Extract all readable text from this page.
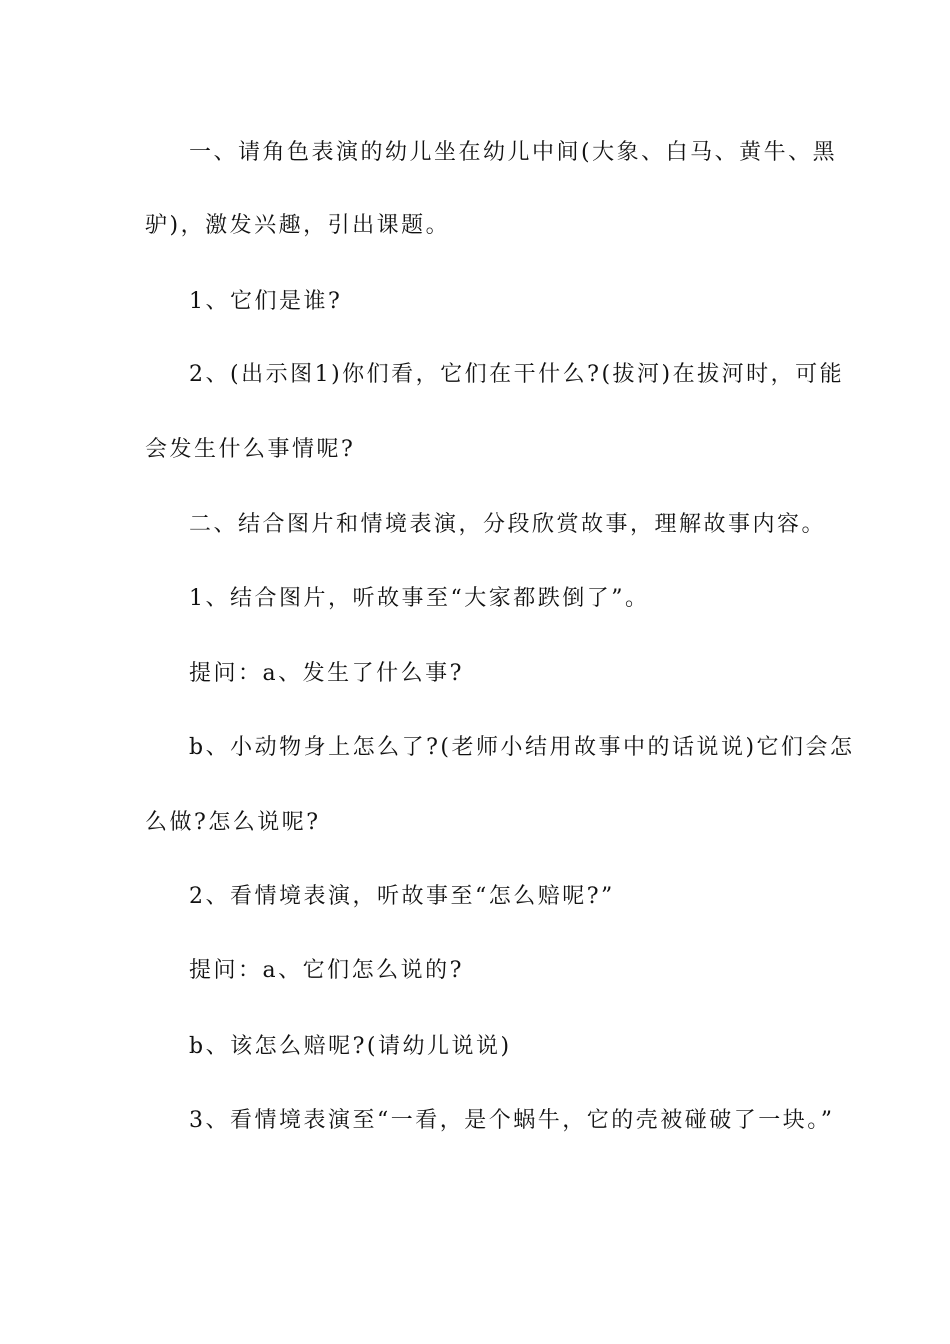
一、请角色表演的幼儿坐在幼儿中间(大象、白马、黄牛、黑
驴)，激发兴趣，引出课题。
1、它们是谁?
2、(出示图1)你们看，它们在干什么?(拔河)在拔河时，可能
会发生什么事情呢?
二、结合图片和情境表演，分段欣赏故事，理解故事内容。
1、结合图片，听故事至“大家都跌倒了”。
提问：a、发生了什么事?
b、小动物身上怎么了?(老师小结用故事中的话说说)它们会怎
么做?怎么说呢?
2、看情境表演，听故事至“怎么赔呢?”
提问：a、它们怎么说的?
b、该怎么赔呢?(请幼儿说说)
3、看情境表演至“一看，是个蜗牛，它的壳被碰破了一块。”
